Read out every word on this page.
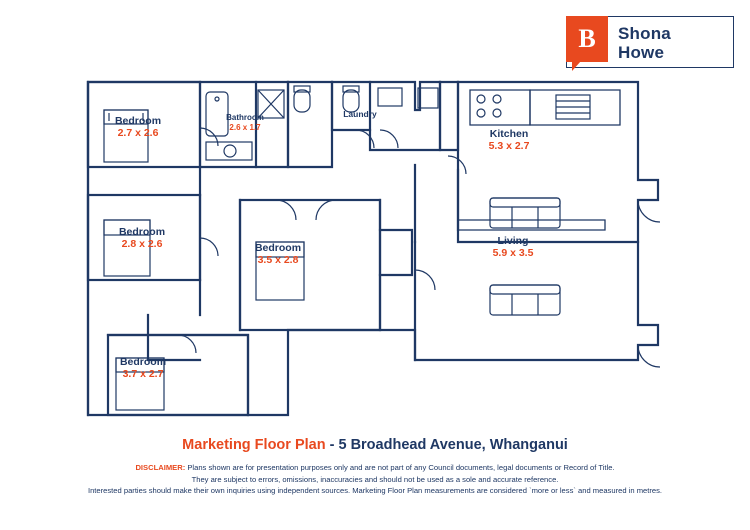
B	Shona
Howe
Bedroom
2.7 x 2.6
Bathroom
2.6 x 1.7
Laundry
Kitchen
5.3 x 2.7
Bedroom
2.8 x 2.6	Bedroom
3.5 x 2.8
Living
5.9 x 3.5
Bedroom
3.7 x 2.7
Marketing Floor Plan - 5 Broadhead Avenue, Whanganui
DISCLAIMER: Plans shown are for presentation purposes only and are not part of any Council documents, legal documents or Record of Title.
They are subject to errors, omissions, inaccuracies and should not be used as a sole and accurate reference.
Interested parties should make their own inquiries using independent sources. Marketing Floor Plan measurements are considered `more or less` and measured in metres.
